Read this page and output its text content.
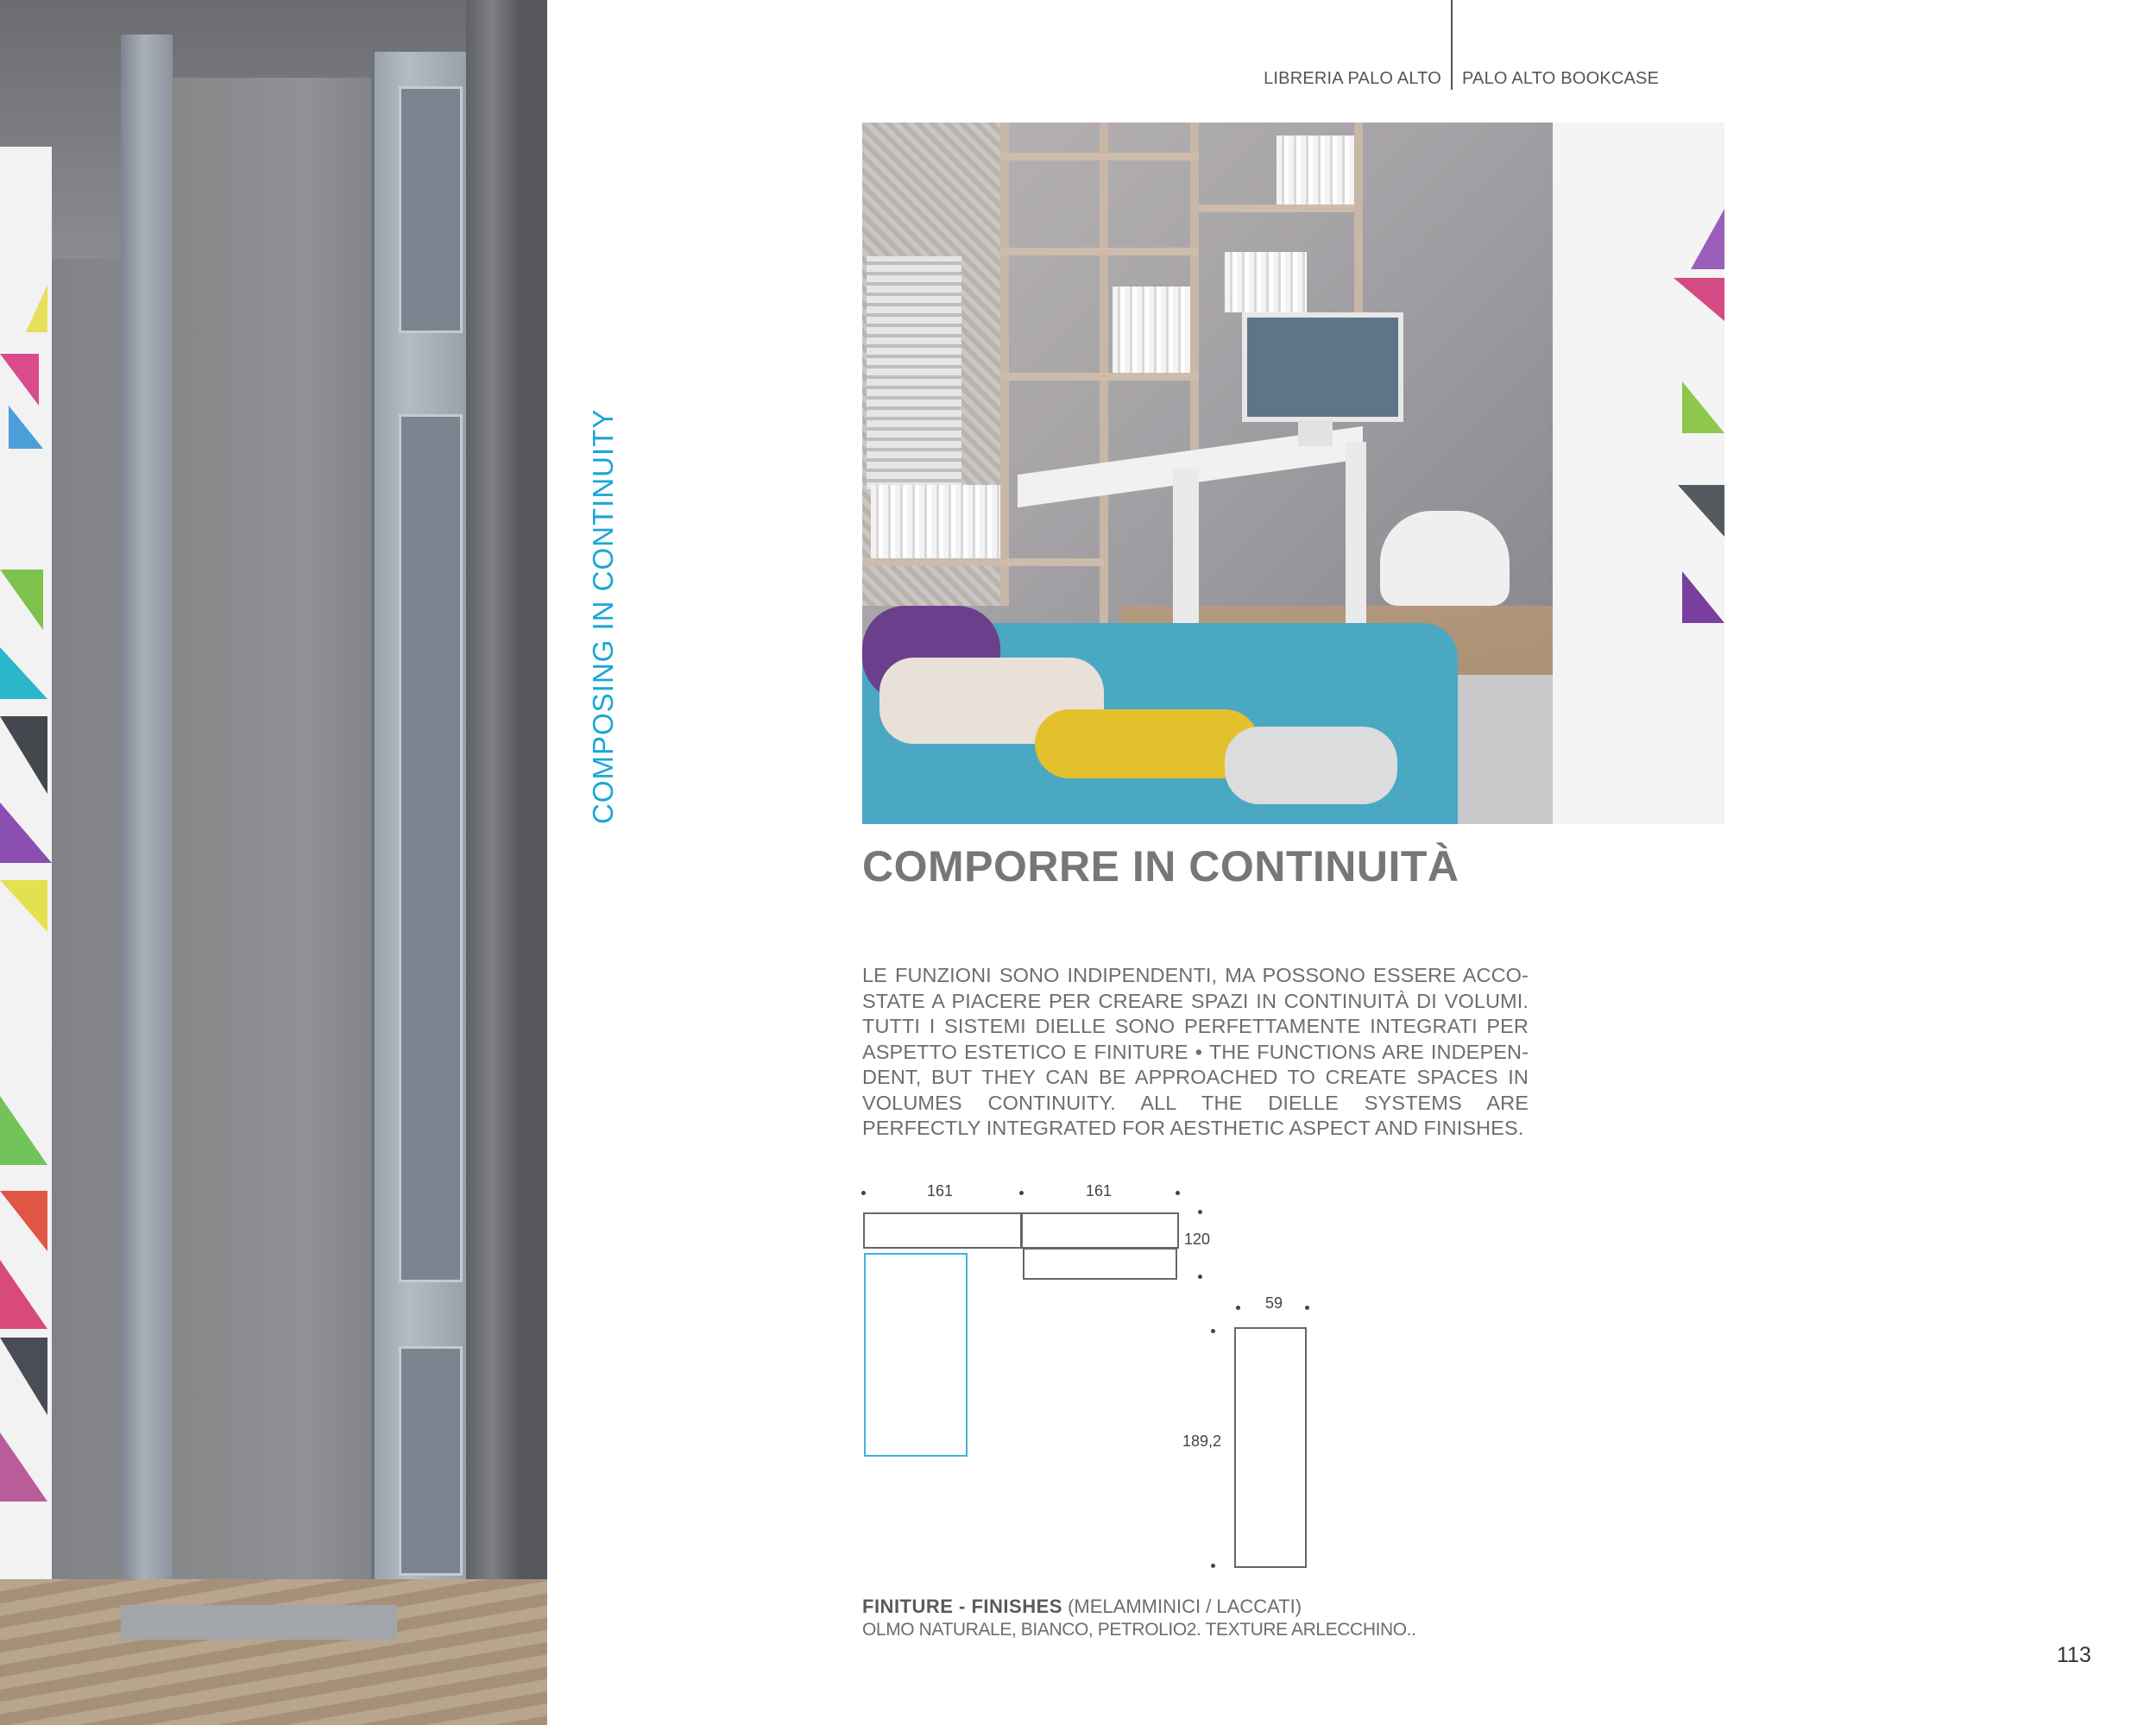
LIBRERIA PALO ALTO PALO ALTO BOOKCASE
COMPOSING IN CONTINUITY
COMPORRE IN CONTINUITÀ
LE FUNZIONI SONO INDIPENDENTI, MA POSSONO ESSERE ACCO-STATE A PIACERE PER CREARE SPAZI IN CONTINUITÀ DI VOLUMI. TUTTI I SISTEMI DIELLE SONO PERFETTAMENTE INTEGRATI PER ASPETTO ESTETICO E FINITURE • THE FUNCTIONS ARE INDEPEN-DENT, BUT THEY CAN BE APPROACHED TO CREATE SPACES IN VOLUMES CONTINUITY. ALL THE DIELLE SYSTEMS ARE PERFECTLY INTEGRATED FOR AESTHETIC ASPECT AND FINISHES.
161	161
120
59
189,2
FINITURE - FINISHES (MELAMMINICI / LACCATI)
OLMO NATURALE, BIANCO, PETROLIO2. TEXTURE ARLECCHINO..
113
